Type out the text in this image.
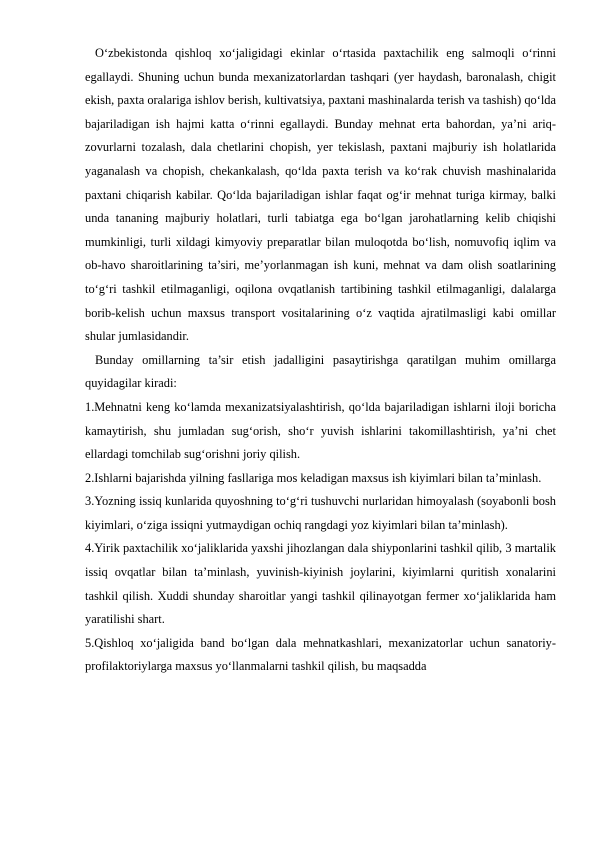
O‘zbekistonda qishloq xo‘jaligidagi ekinlar o‘rtasida paxtachilik eng salmoqli o‘rinni egallaydi. Shuning uchun bunda mexanizatorlardan tashqari (yer haydash, baronalash, chigit ekish, paxta oralariga ishlov berish, kultivatsiya, paxtani mashinalarda terish va tashish) qo‘lda bajariladigan ish hajmi katta o‘rinni egallaydi. Bunday mehnat erta bahordan, ya’ni ariq-zovurlarni tozalash, dala chetlarini chopish, yer tekislash, paxtani majburiy ish holatlarida yaganalash va chopish, chekankalash, qo‘lda paxta terish va ko‘rak chuvish mashinalarida paxtani chiqarish kabilar. Qo‘lda bajariladigan ishlar faqat og‘ir mehnat turiga kirmay, balki unda tananing majburiy holatlari, turli tabiatga ega bo‘lgan jarohatlarning kelib chiqishi mumkinligi, turli xildagi kimyoviy preparatlar bilan muloqotda bo‘lish, nomuvofiq iqlim va ob-havo sharoitlarining ta’siri, me’yorlanmagan ish kuni, mehnat va dam olish soatlarining to‘g‘ri tashkil etilmaganligi, oqilona ovqatlanish tartibining tashkil etilmaganligi, dalalarga borib-kelish uchun maxsus transport vositalarining o‘z vaqtida ajratilmasligi kabi omillar shular jumlasidandir.

Bunday omillarning ta’sir etish jadalligini pasaytirishga qaratilgan muhim omillarga quyidagilar kiradi:

1.Mehnatni keng ko‘lamda mexanizatsiyalashtirish, qo‘lda bajariladigan ishlarni iloji boricha kamaytirish, shu jumladan sug‘orish, sho‘r yuvish ishlarini takomillashtirish, ya’ni chet ellardagi tomchilab sug‘orishni joriy qilish.

2.Ishlarni bajarishda yilning fasllariga mos keladigan maxsus ish kiyimlari bilan ta’minlash.

3.Yozning issiq kunlarida quyoshning to‘g‘ri tushuvchi nurlaridan himoyalash (soyabonli bosh kiyimlari, o‘ziga issiqni yutmaydigan ochiq rangdagi yoz kiyimlari bilan ta’minlash).

4.Yirik paxtachilik xo‘jaliklarida yaxshi jihozlangan dala shiyponlarini tashkil qilib, 3 martalik issiq ovqatlar bilan ta’minlash, yuvinish-kiyinish joylarini, kiyimlarni quritish xonalarini tashkil qilish. Xuddi shunday sharoitlar yangi tashkil qilinayotgan fermer xo‘jaliklarida ham yaratilishi shart.

5.Qishloq xo‘jaligida band bo‘lgan dala mehnatkashlari, mexanizatorlar uchun sanatoriy-profilaktoriylarga maxsus yo‘llanmalarni tashkil qilish, bu maqsadda
